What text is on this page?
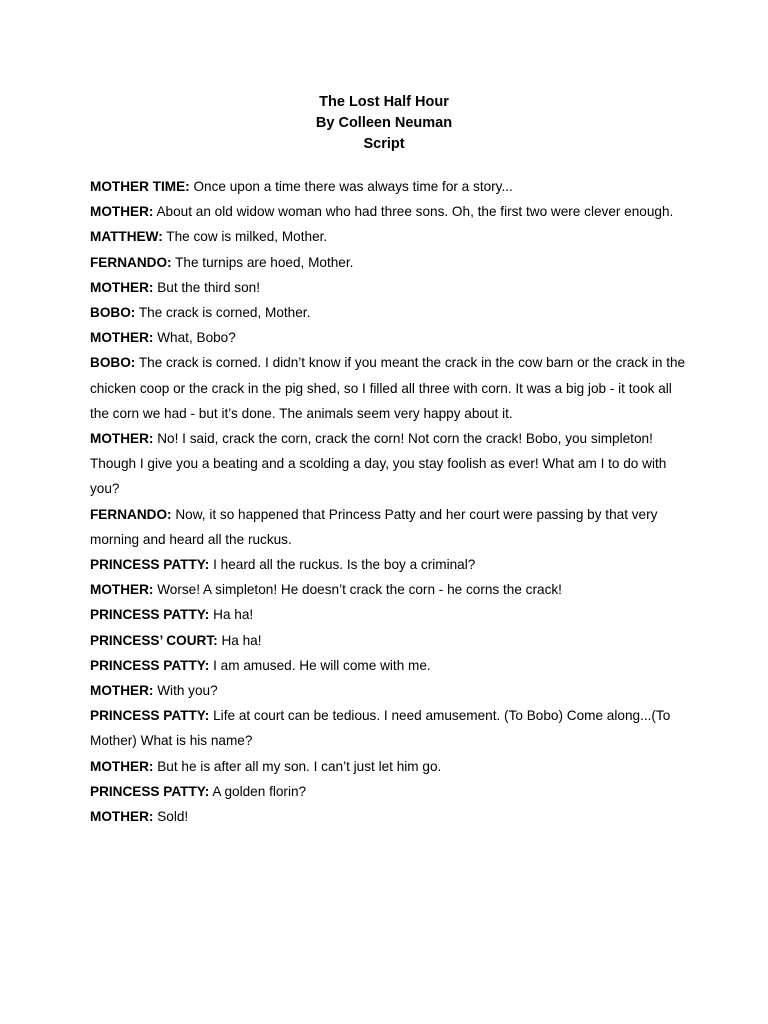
The Lost Half Hour

By Colleen Neuman

Script

MOTHER TIME: Once upon a time there was always time for a story...

MOTHER: About an old widow woman who had three sons. Oh, the first two were clever enough.

MATTHEW: The cow is milked, Mother.

FERNANDO: The turnips are hoed, Mother.

MOTHER: But the third son!

BOBO: The crack is corned, Mother.

MOTHER: What, Bobo?

BOBO: The crack is corned. I didn’t know if you meant the crack in the cow barn or the crack in the chicken coop or the crack in the pig shed, so I filled all three with corn. It was a big job - it took all the corn we had - but it’s done. The animals seem very happy about it.

MOTHER: No! I said, crack the corn, crack the corn! Not corn the crack! Bobo, you simpleton! Though I give you a beating and a scolding a day, you stay foolish as ever! What am I to do with you?

FERNANDO: Now, it so happened that Princess Patty and her court were passing by that very morning and heard all the ruckus.

PRINCESS PATTY: I heard all the ruckus. Is the boy a criminal?

MOTHER: Worse! A simpleton! He doesn’t crack the corn - he corns the crack!

PRINCESS PATTY: Ha ha!

PRINCESS’ COURT: Ha ha!

PRINCESS PATTY: I am amused. He will come with me.

MOTHER: With you?

PRINCESS PATTY: Life at court can be tedious. I need amusement. (To Bobo) Come along...(To Mother) What is his name?

MOTHER: But he is after all my son. I can’t just let him go.

PRINCESS PATTY: A golden florin?

MOTHER: Sold!
